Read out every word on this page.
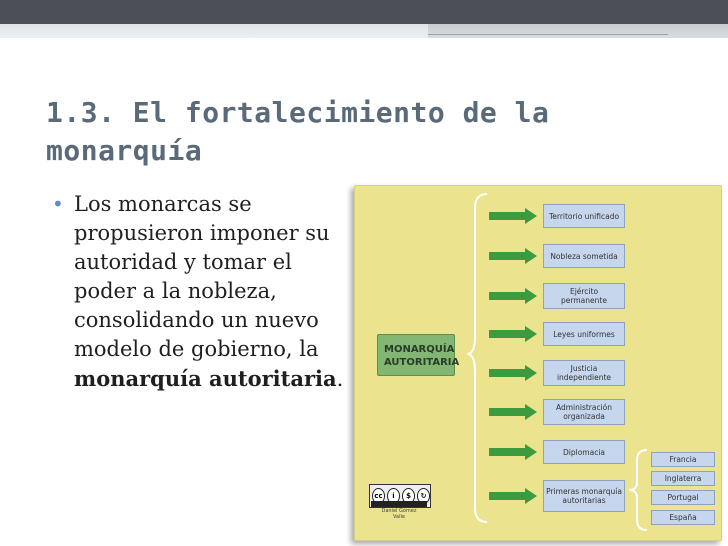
1.3. El fortalecimiento de la monarquía
• Los monarcas se propusieron imponer su autoridad y tomar el poder a la nobleza, consolidando un nuevo modelo de gobierno, la monarquía autoritaria.

MONARQUÍA AUTORITARIA
Territorio unificado
Nobleza sometida
Ejército permanente
Leyes uniformes
Justicia independiente
Administración organizada
Diplomacia
Primeras monarquía autoritarias
Francia
Inglaterra
Portugal
España
cc	i	$	↻
Daniel Gómez Valle
